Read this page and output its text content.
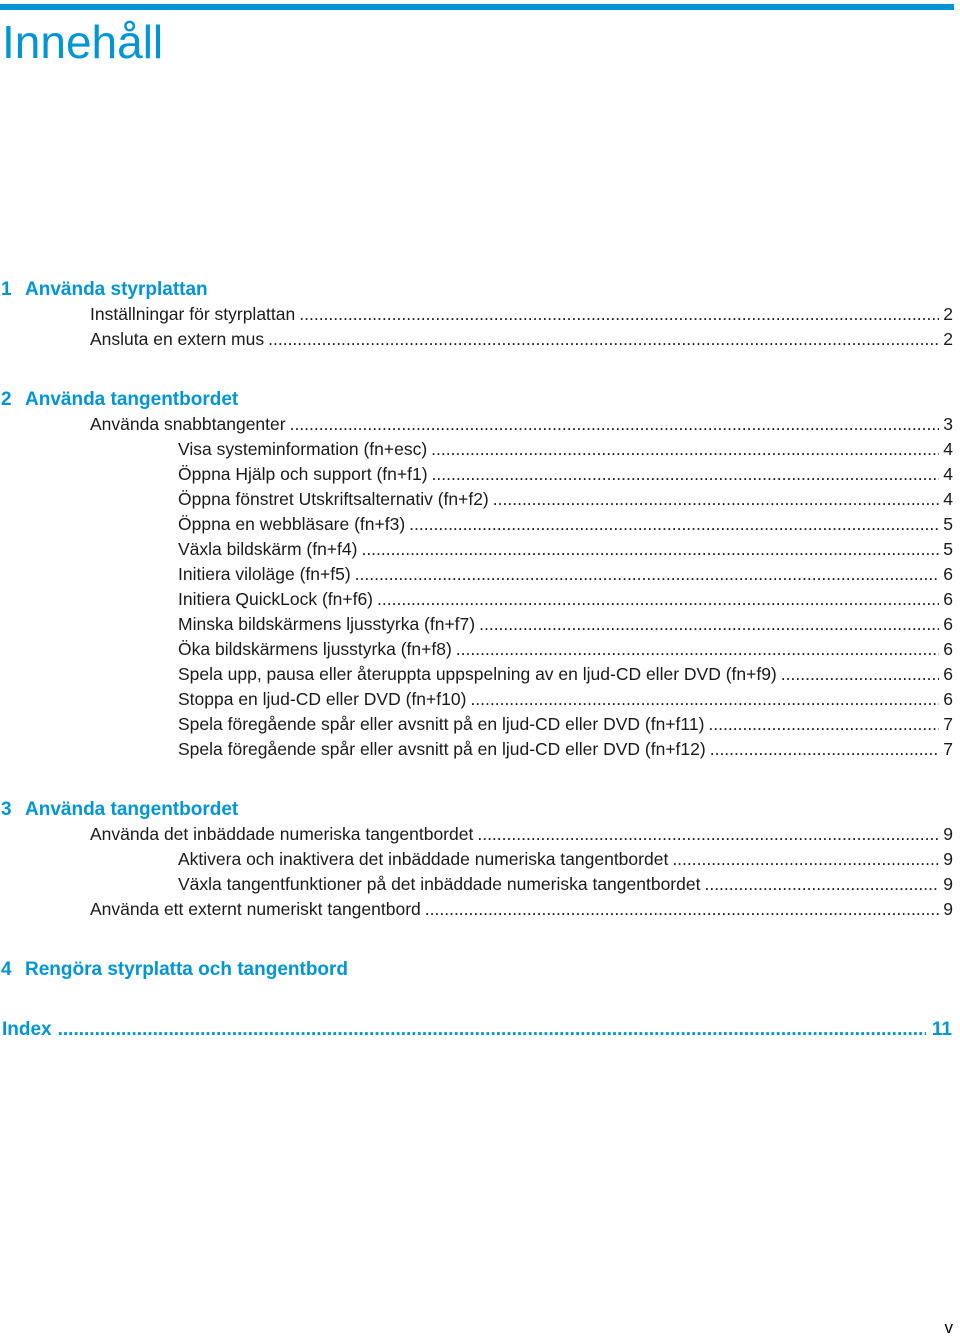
Innehåll
1 Använda styrplattan
Inställningar för styrplattan .....	2
Ansluta en extern mus .....	2
2 Använda tangentbordet
Använda snabbtangenter .....	3
Visa systeminformation (fn+esc) .....	4
Öppna Hjälp och support (fn+f1) .....	4
Öppna fönstret Utskriftsalternativ (fn+f2) .....	4
Öppna en webbläsare (fn+f3) .....	5
Växla bildskärm (fn+f4) .....	5
Initiera viloläge (fn+f5) .....	6
Initiera QuickLock (fn+f6) .....	6
Minska bildskärmens ljusstyrka (fn+f7) .....	6
Öka bildskärmens ljusstyrka (fn+f8) .....	6
Spela upp, pausa eller återuppta uppspelning av en ljud-CD eller DVD (fn+f9) .....	6
Stoppa en ljud-CD eller DVD (fn+f10) .....	6
Spela föregående spår eller avsnitt på en ljud-CD eller DVD (fn+f11) .....	7
Spela föregående spår eller avsnitt på en ljud-CD eller DVD (fn+f12) .....	7
3 Använda tangentbordet
Använda det inbäddade numeriska tangentbordet .....	9
Aktivera och inaktivera det inbäddade numeriska tangentbordet .....	9
Växla tangentfunktioner på det inbäddade numeriska tangentbordet .....	9
Använda ett externt numeriskt tangentbord .....	9
4 Rengöra styrplatta och tangentbord
Index .....	11
v
